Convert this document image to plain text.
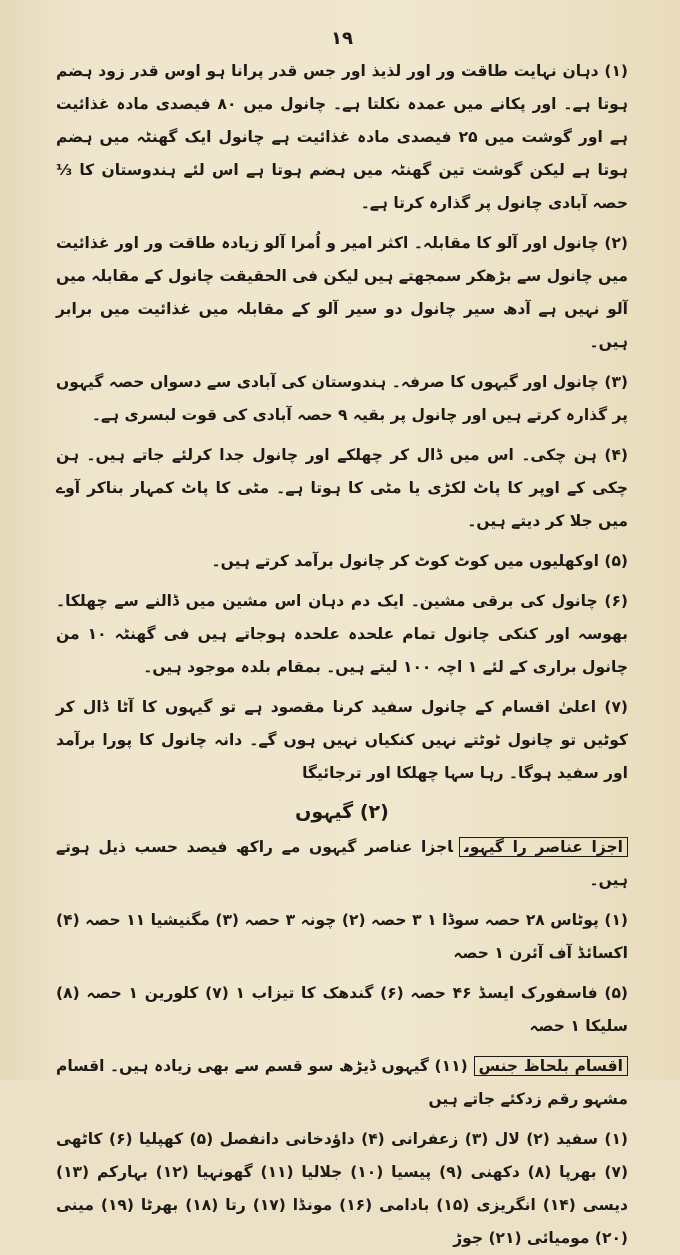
۱۹

(۱) دہان نہایت طاقت ور اور لذیذ اور جس قدر پرانا ہو اوس قدر زود ہضم ہوتا ہے۔ اور پکانے میں عمدہ نکلتا ہے۔ چانول میں ۸۰ فیصدی مادہ غذائیت ہے اور گوشت میں ۲۵ فیصدی مادہ غذائیت ہے چانول ایک گھنٹہ میں ہضم ہوتا ہے لیکن گوشت تین گھنٹہ میں ہضم ہوتا ہے اس لئے ہندوستان کا ⅓ حصہ آبادی چانول پر گذارہ کرتا ہے۔

(۲) چانول اور آلو کا مقابلہ۔ اکثر امیر و اُمرا آلو زیادہ طاقت ور اور غذائیت میں چانول سے بڑھکر سمجھتے ہیں لیکن فی الحقیقت چانول کے مقابلہ میں آلو نہیں ہے آدھ سیر چانول دو سیر آلو کے مقابلہ میں غذائیت میں برابر ہیں۔

(۳) چانول اور گیہوں کا صرفہ۔ ہندوستان کی آبادی سے دسواں حصہ گیہوں پر گذارہ کرتے ہیں اور چانول پر بقیہ ۹ حصہ آبادی کی قوت لبسری ہے۔

(۴) ہن چکی۔ اس میں ڈال کر چھلکے اور چانول جدا کرلئے جاتے ہیں۔ ہن چکی کے اوپر کا پاٹ لکڑی یا مٹی کا ہوتا ہے۔ مٹی کا پاٹ کمہار بناکر آوے میں جلا کر دیتے ہیں۔

(۵) اوکھلیوں میں کوٹ کوٹ کر چانول برآمد کرتے ہیں۔

(۶) چانول کی برقی مشین۔ ایک دم دہان اس مشین میں ڈالنے سے چھلکا۔ بھوسہ اور کنکی چانول تمام علحدہ علحدہ ہوجاتے ہیں فی گھنٹہ ۱۰ من چانول براری کے لئے ۱ اچہ ۱۰۰ لیتے ہیں۔ بمقام بلدہ موجود ہیں۔

(۷) اعلیٰ اقسام کے چانول سفید کرنا مقصود ہے تو گیہوں کا آٹا ڈال کر کوٹیں تو چانول ٹوٹتے نہیں کنکیاں نہیں ہوں گے۔ دانہ چانول کا پورا برآمد اور سفید ہوگا۔ رہا سہا چھلکا اور ترجائیگا

(۲) گیہوں

اجزا عناصر را گیہوںاجزا عناصر گیہوں مے راکھ فیصد حسب ذیل ہوتے ہیں۔

(۱) پوٹاس ۲۸ حصہ سوڈا ۱ ۳ حصہ (۲) چونہ ۳ حصہ (۳) مگنیشیا ۱۱ حصہ (۴) اکسائڈ آف آئرن ۱ حصہ

(۵) فاسفورک ایسڈ ۴۶ حصہ (۶) گندھک کا تیزاب ۱ (۷) کلورین ۱ حصہ (۸) سلیکا ۱ حصہ

اقسام بلحاظ جنس(۱۱) گیہوں ڈیڑھ سو قسم سے بھی زیادہ ہیں۔ اقسام مشہو رقم زدکئے جاتے ہیں

(۱) سفید (۲) لال (۳) زعفرانی (۴) داؤدخانی دانفصل (۵) کھپلیا (۶) کاٹھی (۷) بھرپا (۸) دکھنی (۹) پیسیا (۱۰) جلالیا (۱۱) گھونہیا (۱۲) بہارکم (۱۳) دیسی (۱۴) انگریزی (۱۵) بادامی (۱۶) مونڈا (۱۷) رتا (۱۸) بھرٹا (۱۹) مینی (۲۰) مومیائی (۲۱) جوڑ
